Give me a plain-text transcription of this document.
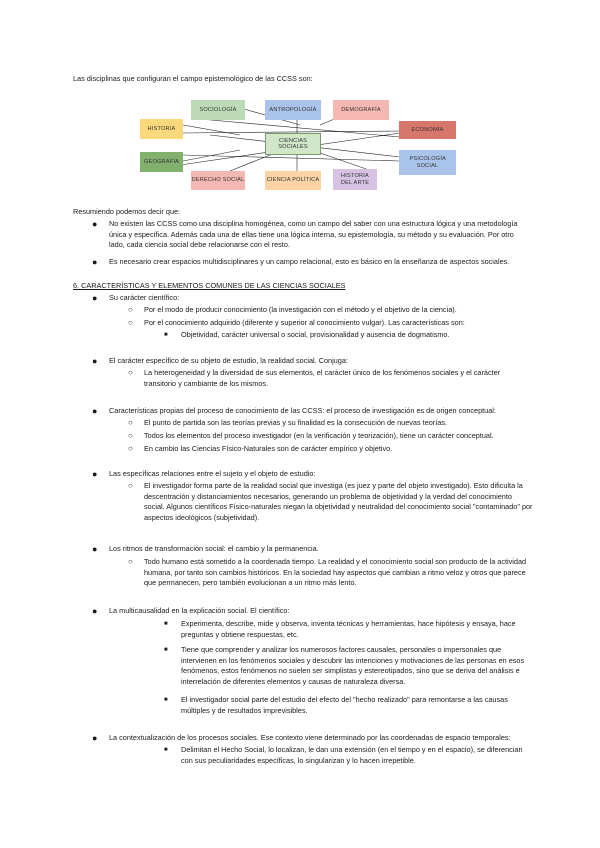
Las disciplinas que configuran el campo epistemológico de las CCSS son:
SOCIOLOGÍA	ANTROPOLOGÍA	DEMOGRAFÍA
HISTORIA	ECONOMÍA
CIENCIAS SOCIALES
GEOGRAFÍA	PSICOLOGÍA SOCIAL
DERECHO SOCIAL	CIENCIA POLÍTICA
HISTORIA DEL ARTE
Resumiendo podemos decir que:
● No existen las CCSS como una disciplina homogénea, como un campo del saber con una estructura lógica y una metodología única y específica. Además cada una de ellas tiene una lógica interna, su epistemología, su método y su evaluación. Por otro lado, cada ciencia social debe relacionarse con el resto.
● Es necesario crear espacios multidisciplinares y un campo relacional, esto es básico en la enseñanza de aspectos sociales.
6. CARACTERÍSTICAS Y ELEMENTOS COMUNES DE LAS CIENCIAS SOCIALES
● Su carácter científico:
○ Por el modo de producir conocimiento (la investigación con el método y el objetivo de la ciencia).
○ Por el conocimiento adquirido (diferente y superior al conocimiento vulgar). Las características son:
■ Objetividad, carácter universal o social, provisionalidad y ausencia de dogmatismo.
● El carácter específico de su objeto de estudio, la realidad social. Conjuga:
○ La heterogeneidad y la diversidad de sus elementos, el carácter único de los fenómenos sociales y el carácter transitorio y cambiante de los mismos.
● Características propias del proceso de conocimiento de las CCSS: el proceso de investigación es de origen conceptual:
○ El punto de partida son las teorías previas y su finalidad es la consecución de nuevas teorías.
○ Todos los elementos del proceso investigador (en la verificación y teorización), tiene un carácter conceptual.
○ En cambio las Ciencias Físico-Naturales son de carácter empírico y objetivo.
● Las específicas relaciones entre el sujeto y el objeto de estudio:
○ El investigador forma parte de la realidad social que investiga (es juez y parte del objeto investigado). Esto dificulta la descentración y distanciamientos necesarios, generando un problema de objetividad y la verdad del conocimiento social. Algunos científicos Físico-naturales niegan la objetividad y neutralidad del conocimiento social "contaminado" por aspectos ideológicos (subjetividad).
● Los ritmos de transformación social: el cambio y la permanencia.
○ Todo humano está sometido a la coordenada tiempo. La realidad y el conocimiento social son producto de la actividad humana, por tanto son cambios históricos. En la sociedad hay aspectos que cambian a ritmo veloz y otros que parece que permanecen, pero también evolucionan a un ritmo más lento.
● La multicausalidad en la explicación social. El científico:
■ Experimenta, describe, mide y observa, inventa técnicas y herramientas, hace hipótesis y ensaya, hace preguntas y obtiene respuestas, etc.
■ Tiene que comprender y analizar los numerosos factores causales, personales o impersonales que intervienen en los fenómenos sociales y descubrir las intenciones y motivaciones de las personas en esos fenómenos, estos fenómenos no suelen ser simplistas y estereotipados, sino que se deriva del análisis e interrelación de diferentes elementos y causas de naturaleza diversa.
■ El investigador social parte del estudio del efecto del "hecho realizado" para remontarse a las causas múltiples y de resultados imprevisibles.
● La contextualización de los procesos sociales. Ese contexto viene determinado por las coordenadas de espacio temporales:
■ Delimitan el Hecho Social, lo localizan, le dan una extensión (en el tiempo y en el espacio), se diferencian con sus peculiaridades específicas, lo singularizan y lo hacen irrepetible.
